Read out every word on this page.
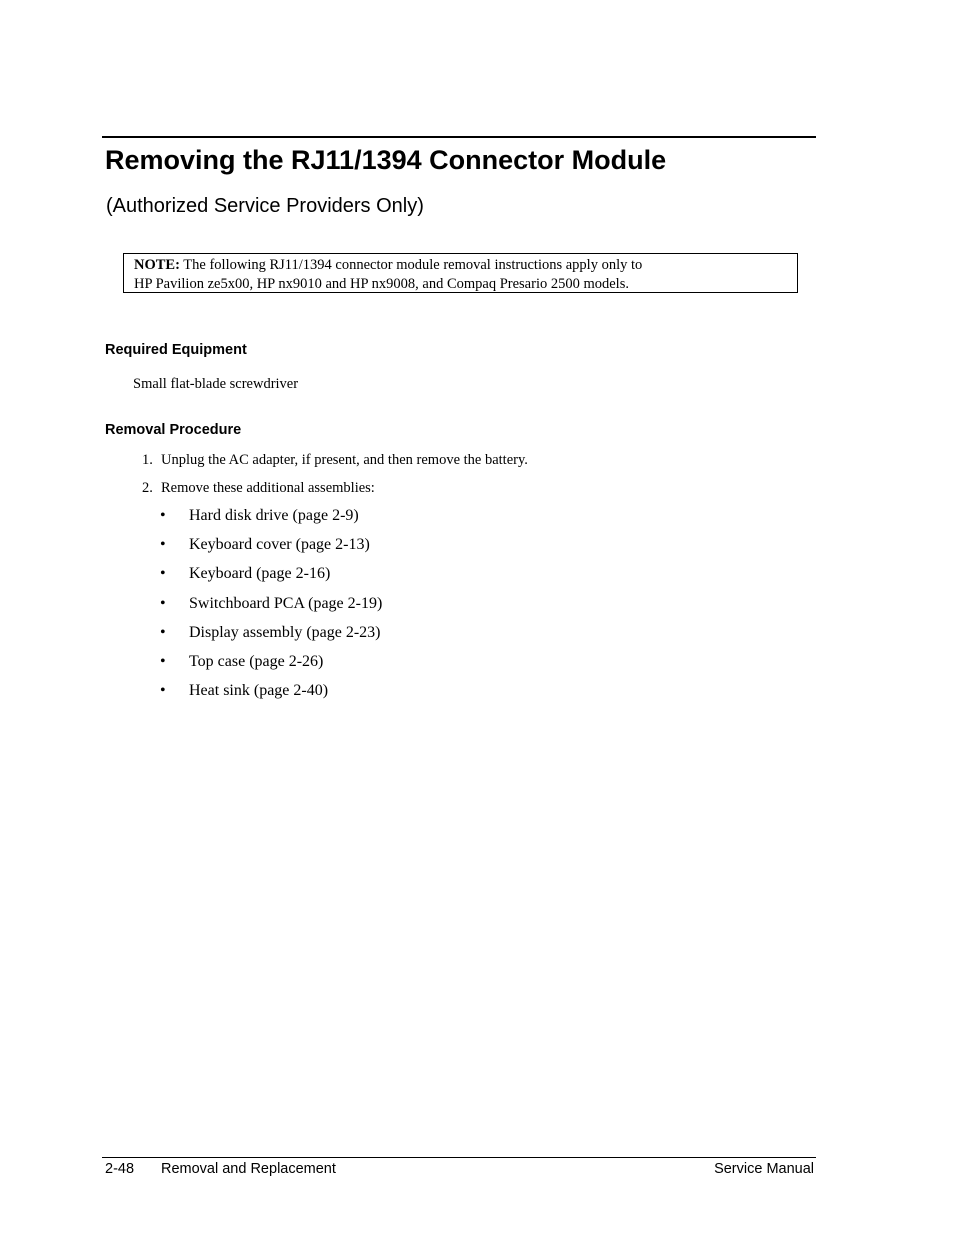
Removing the RJ11/1394 Connector Module
(Authorized Service Providers Only)
NOTE: The following RJ11/1394 connector module removal instructions apply only to
HP Pavilion ze5x00, HP nx9010 and HP nx9008, and Compaq Presario 2500 models.
Required Equipment
Small flat-blade screwdriver
Removal Procedure
1. Unplug the AC adapter, if present, and then remove the battery.
2. Remove these additional assemblies:
• Hard disk drive (page 2-9)
• Keyboard cover (page 2-13)
• Keyboard (page 2-16)
• Switchboard PCA (page 2-19)
• Display assembly (page 2-23)
• Top case (page 2-26)
• Heat sink (page 2-40)
2-48 Removal and Replacement	Service Manual
